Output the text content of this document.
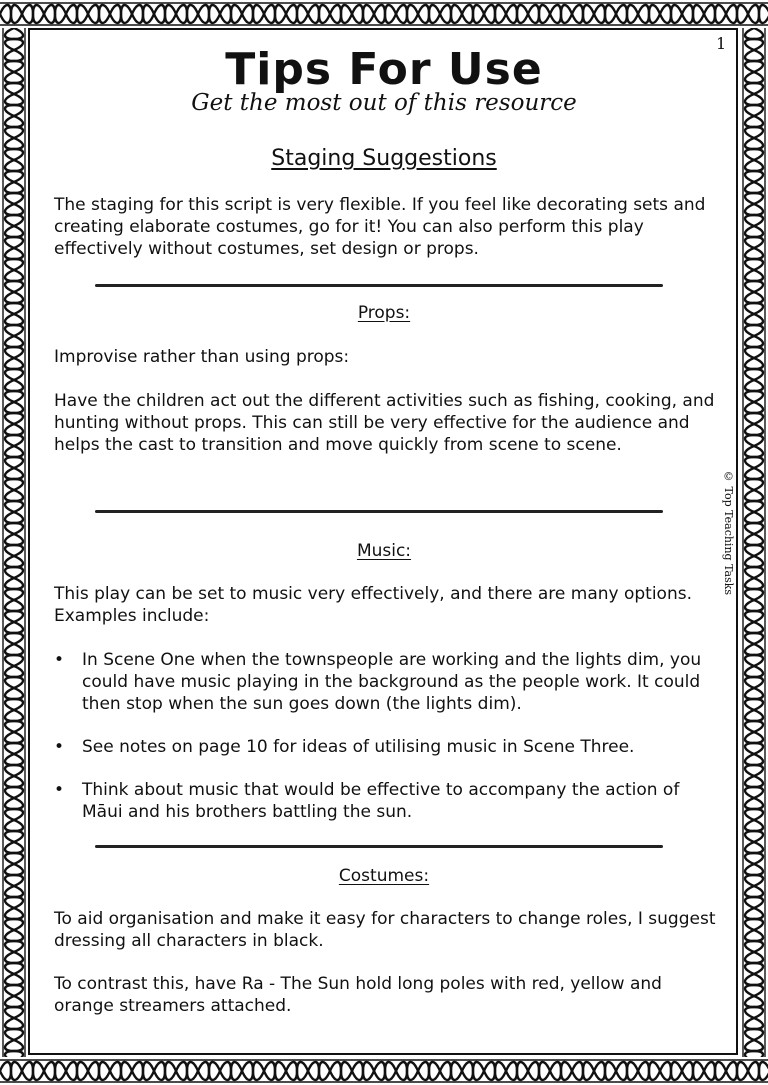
1
Tips For Use
Get the most out of this resource
Staging Suggestions
The staging for this script is very flexible. If you feel like decorating sets and creating elaborate costumes, go for it! You can also perform this play effectively without costumes, set design or props.
Props:
Improvise rather than using props:
Have the children act out the different activities such as fishing, cooking, and hunting without props. This can still be very effective for the audience and helps the cast to transition and move quickly from scene to scene.
Music:
This play can be set to music very effectively, and there are many options. Examples include:
• In Scene One when the townspeople are working and the lights dim, you could have music playing in the background as the people work. It could then stop when the sun goes down (the lights dim).
• See notes on page 10 for ideas of utilising music in Scene Three.
• Think about music that would be effective to accompany the action of Māui and his brothers battling the sun.
Costumes:
To aid organisation and make it easy for characters to change roles, I suggest dressing all characters in black.
To contrast this, have Ra - The Sun hold long poles with red, yellow and orange streamers attached.
© Top Teaching Tasks
